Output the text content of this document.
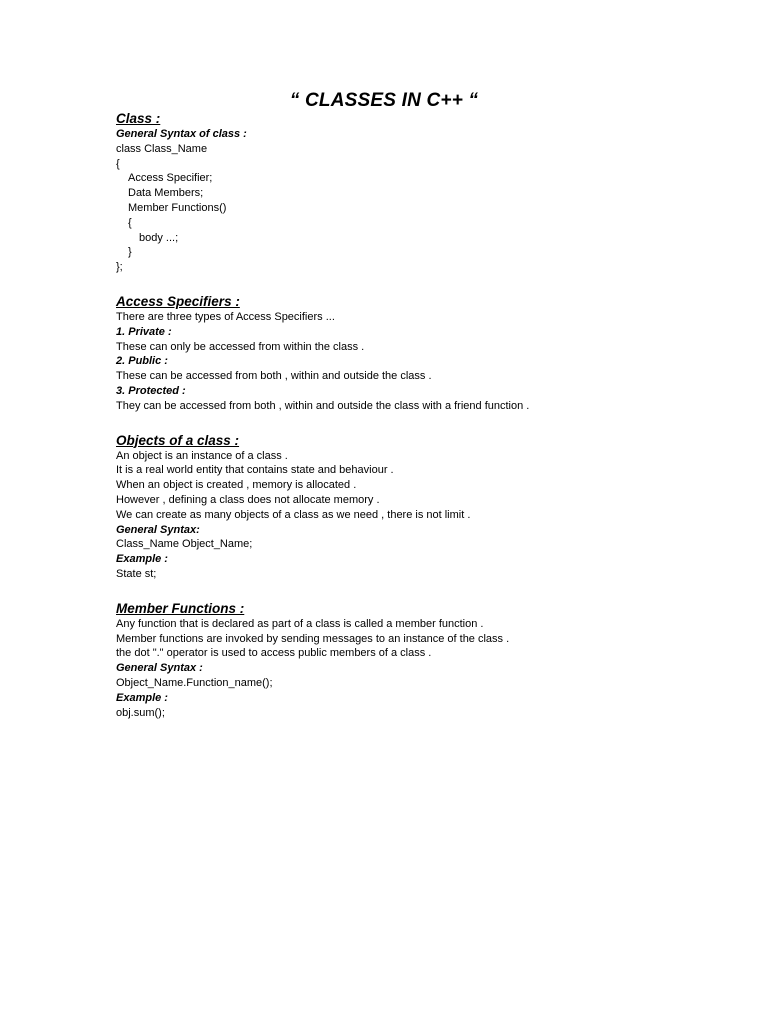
“ CLASSES IN C++ “
Class :
General Syntax of class :
class Class_Name
{
Access Specifier;
Data Members;
Member Functions()
{
body ...;
}
};
Access Specifiers :
There are three types of Access Specifiers ...
1. Private :
These can only be accessed from within the class .
2. Public :
These can be accessed from both , within and outside the class .
3. Protected :
They can be accessed from both , within and outside the class with a friend function .
Objects of a class :
An object is an instance of a class .
It is a real world entity that contains state and behaviour .
When an object is created , memory is allocated .
However , defining a class does not allocate memory .
We can create as many objects of a class as we need , there is not limit .
General Syntax:
Class_Name Object_Name;
Example :
State st;
Member Functions :
Any function that is declared as part of a class is called a member function .
Member functions are invoked by sending messages to an instance of the class .
the dot "." operator is used to access public members of a class .
General Syntax :
Object_Name.Function_name();
Example :
obj.sum();
